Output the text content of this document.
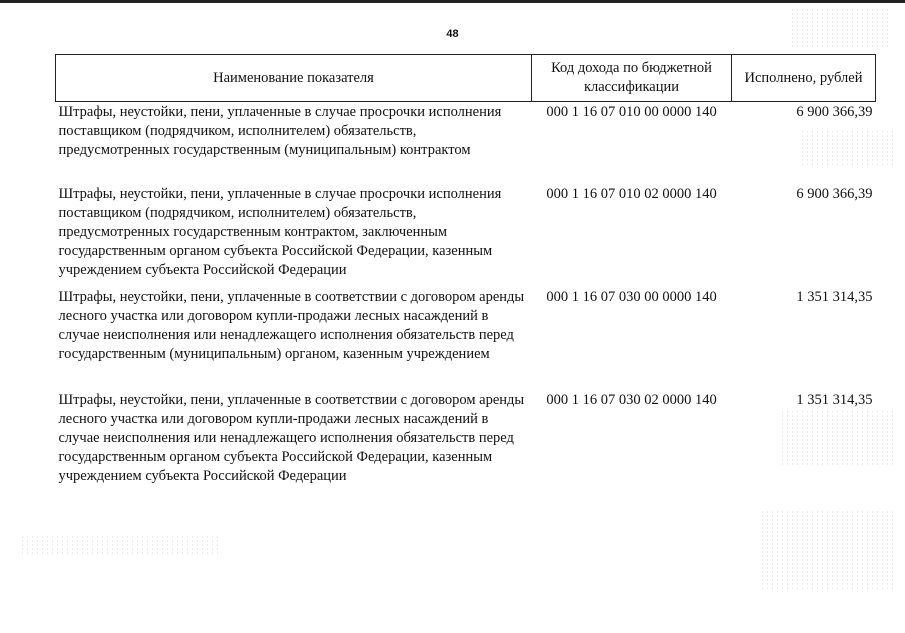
48
Наименование показателя	Код дохода по бюджетной классификации	Исполнено, рублей
Штрафы, неустойки, пени, уплаченные в случае просрочки исполнения поставщиком (подрядчиком, исполнителем) обязательств, предусмотренных государственным (муниципальным) контрактом	000 1 16 07 010 00 0000 140	6 900 366,39
Штрафы, неустойки, пени, уплаченные в случае просрочки исполнения поставщиком (подрядчиком, исполнителем) обязательств, предусмотренных государственным контрактом, заключенным государственным органом субъекта Российской Федерации, казенным учреждением субъекта Российской Федерации	000 1 16 07 010 02 0000 140	6 900 366,39
Штрафы, неустойки, пени, уплаченные в соответствии с договором аренды лесного участка или договором купли-продажи лесных насаждений в случае неисполнения или ненадлежащего исполнения обязательств перед государственным (муниципальным) органом, казенным учреждением	000 1 16 07 030 00 0000 140	1 351 314,35
Штрафы, неустойки, пени, уплаченные в соответствии с договором аренды лесного участка или договором купли-продажи лесных насаждений в случае неисполнения или ненадлежащего исполнения обязательств перед государственным органом субъекта Российской Федерации, казенным учреждением субъекта Российской Федерации	000 1 16 07 030 02 0000 140	1 351 314,35
